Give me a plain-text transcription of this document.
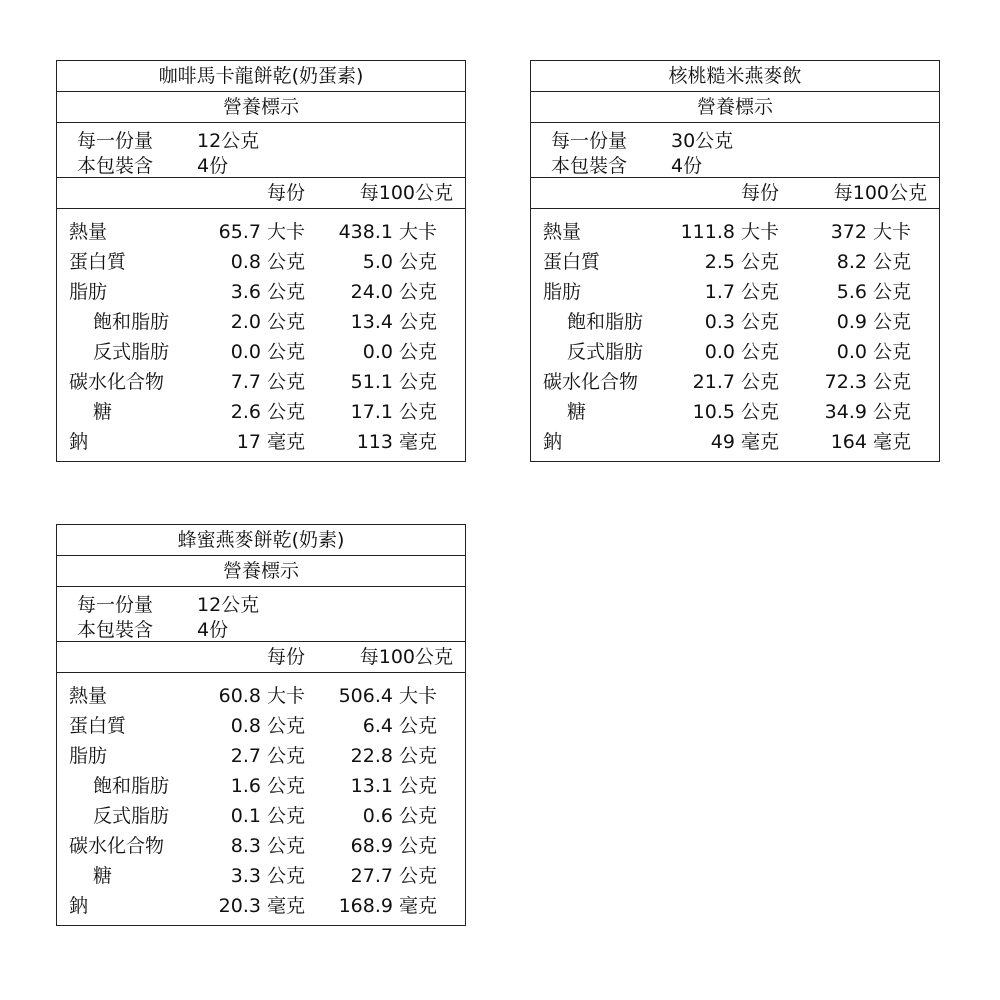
咖啡馬卡龍餅乾(奶蛋素)
營養標示
每一份量 12公克
本包裝含 4份
每份	每100公克
熱量	65.7 大卡 438.1 大卡
蛋白質	0.8 公克	5.0 公克
脂肪	3.6 公克 24.0 公克
飽和脂肪	2.0 公克 13.4 公克
反式脂肪	0.0 公克	0.0 公克
碳水化合物	7.7 公克 51.1 公克
糖	2.6 公克 17.1 公克
鈉	17 毫克	113 毫克
核桃糙米燕麥飲
營養標示
每一份量 30公克
本包裝含 4份
每份	每100公克
熱量	111.8 大卡	372 大卡
蛋白質	2.5 公克	8.2 公克
脂肪	1.7 公克	5.6 公克
飽和脂肪	0.3 公克	0.9 公克
反式脂肪	0.0 公克	0.0 公克
碳水化合物	21.7 公克 72.3 公克
糖	10.5 公克 34.9 公克
鈉	49 毫克	164 毫克
蜂蜜燕麥餅乾(奶素)
營養標示
每一份量 12公克
本包裝含 4份
每份	每100公克
熱量	60.8 大卡 506.4 大卡
蛋白質	0.8 公克	6.4 公克
脂肪	2.7 公克 22.8 公克
飽和脂肪	1.6 公克 13.1 公克
反式脂肪	0.1 公克	0.6 公克
碳水化合物	8.3 公克 68.9 公克
糖	3.3 公克 27.7 公克
鈉	20.3 毫克 168.9 毫克
